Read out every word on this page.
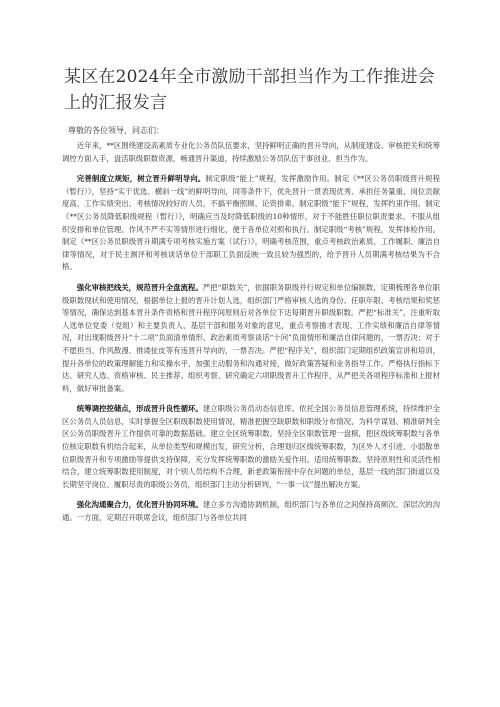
某区在2024年全市激励干部担当作为工作推进会上的汇报发言
尊敬的各位领导，同志们：

近年来，**区围绕建设高素质专业化公务员队伍要求，坚持鲜明正确的晋升导向，从制度建设、审核把关和统筹调控方面入手，盘活职级职数资源，畅通晋升渠道，持续激励公务员队伍干事创业、担当作为。

完善制度立规矩，树立晋升鲜明导向。制定职级“能上”规程，发挥激励作用。制定《**区公务员职级晋升规程（暂行）》，坚持“实干优选、横斜一线”的鲜明导向，同等条件下，优先晋升一贯表现优秀、承担任务量重、岗位贡献度高、工作实绩突出、考核情况较好的人员，不搞平衡照顾、论资排辈。制定职级“能下”规程，发挥约束作用。制定《**区公务员降低职级规程（暂行）》，明确应当及时降低职级的10种情形，对于不能胜任职位职责要求、不服从组织安排和单位管理、作风不严不实等情形进行细化，便于各单位对照和执行。制定职级“考核”规程，发挥体检作用。制定《**区公务员职级晋升期满专项考核实施方案（试行）》，明确考核范围，重点考核政治素质、工作履职、廉洁自律等情况，对于民主测评和考核谈话单位干部职工负面反映一致且较为强烈的，给予晋升人员期满考核结果为不合格。

强化审核把线关，规范晋升全盘流程。严把“职数关”，依据职务职级并行规定和单位编制数，定期梳理各单位职级职数现状和使用情况，根据单位上报的晋升计划人选，组织部门严格审核人选的身份、任职年限、考核结果和奖惩等情况，确保达到基本晋升条件资格和晋升程序间原则后对各单位下达每期晋升职级职数。严把“标准关”，注重听取人选单位党委（党组）和主要负责人、基层干部和服务对象的意见，重点考察擔才表现、工作实绩和廉洁自律等情况，对出现职级晋升“十二项”负面清单情形、政治素质考察谈话“十问”负面情形和廉洁自律问题的，一票否决；对于不愿担当、作风散漫、推诿扯皮等有违晋升导向的，一票否决。严把“程序关”，组织部门定期组织政策宣讲和培训，提升各单位的政策理解能力和实操水平，加强主动服务和沟通对接，做好政策答疑和业务指导工作。严格执行指标下达、研究人选、资格审核、民主推荐、组织考察、研究确定六项职级晋升工作程序，从严把关各项程序标准和上报材料，做好审批备案。

统筹调控挖储点，形成晋升良性循环。建立职级公务员动态信息库。依托全国公务员信息管理系统，持续维护全区公务员人员信息，实时掌握全区职级职数使用情况，精准把握空缺职数和职级分布情况，为科学谋划、精准研判全区公务员职级晋升工作提供可靠的数据基础。建立全区统筹职数。坚持全区职数管理一盘棋，把区级统筹职数与各单位核定职数有机结合起来，从单位类型和规模出发，研究分析，合理划归区级统筹职数，为区外人才引进、小弱散单位职级晋升和专项激励等提供支持保障，充分发挥统筹职数的激励关爱作用。适用统筹职数。坚持原则性和灵活性相结合，建立统筹职数使用制度，对个别人员结构不合理，新老政策衔接中存在问题的单位，基层一线的部门街道以及长期坚守岗位、履职尽责的职级公务员，组织部门主动分析研判，“一事一议”提出解决方案。

强化沟通聚合力，优化晋升协同环境。建立多方沟通协调机制，组织部门与各单位之间保持高频次、深层次的沟通。一方面，定期召开联席会议，组织部门与各单位共同
